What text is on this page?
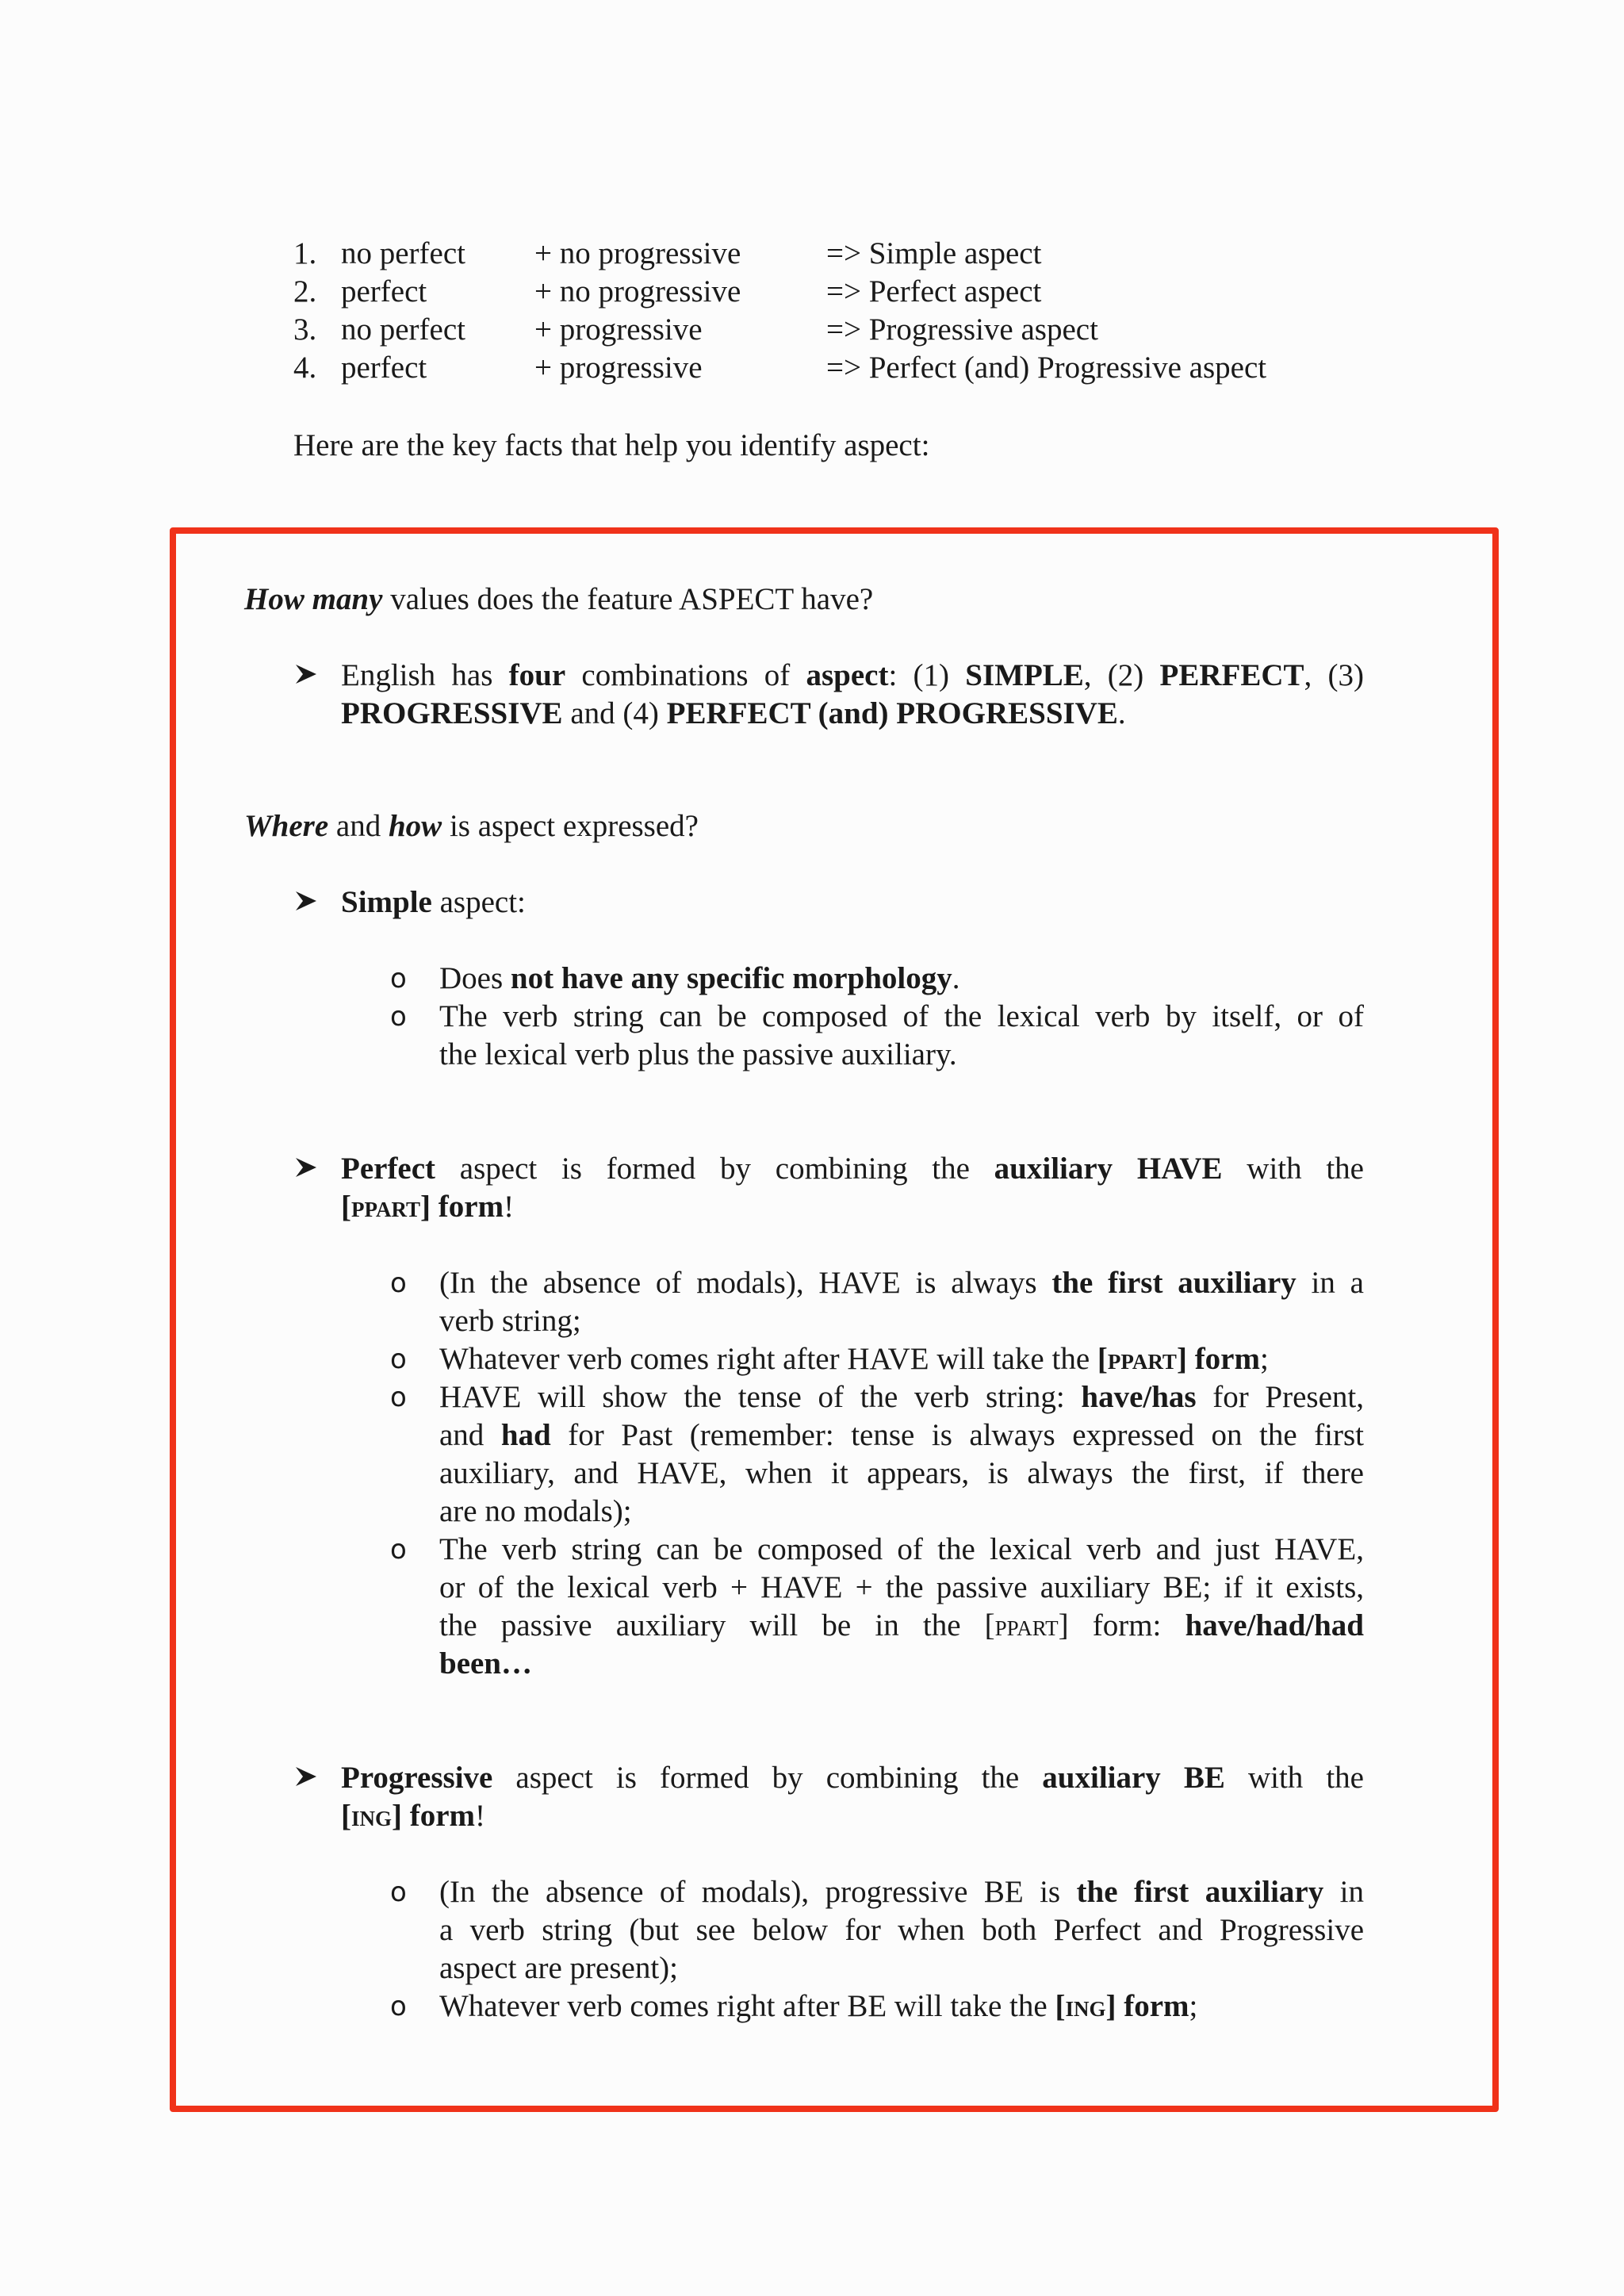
1. no perfect + no progressive	=> Simple aspect
2. perfect	+ no progressive	=> Perfect aspect
3. no perfect + progressive	=> Progressive aspect
4. perfect	+ progressive	=> Perfect (and) Progressive aspect
Here are the key facts that help you identify aspect:
How many values does the feature ASPECT have?
English has four combinations of aspect: (1) SIMPLE, (2) PERFECT, (3)
PROGRESSIVE and (4) PERFECT (and) PROGRESSIVE.
Where and how is aspect expressed?
Simple aspect:
o Does not have any specific morphology.
o The verb string can be composed of the lexical verb by itself, or of
the lexical verb plus the passive auxiliary.
Perfect aspect is formed by combining the auxiliary HAVE with the
[ppart] form!
o (In the absence of modals), HAVE is always the first auxiliary in a
verb string;
o Whatever verb comes right after HAVE will take the [ppart] form;
o HAVE will show the tense of the verb string: have/has for Present,
and had for Past (remember: tense is always expressed on the first
auxiliary, and HAVE, when it appears, is always the first, if there
are no modals);
o The verb string can be composed of the lexical verb and just HAVE,
or of the lexical verb + HAVE + the passive auxiliary BE; if it exists,
the passive auxiliary will be in the [ppart] form: have/had/had
been…
Progressive aspect is formed by combining the auxiliary BE with the
[ing] form!
o (In the absence of modals), progressive BE is the first auxiliary in
a verb string (but see below for when both Perfect and Progressive
aspect are present);
o Whatever verb comes right after BE will take the [ing] form;
